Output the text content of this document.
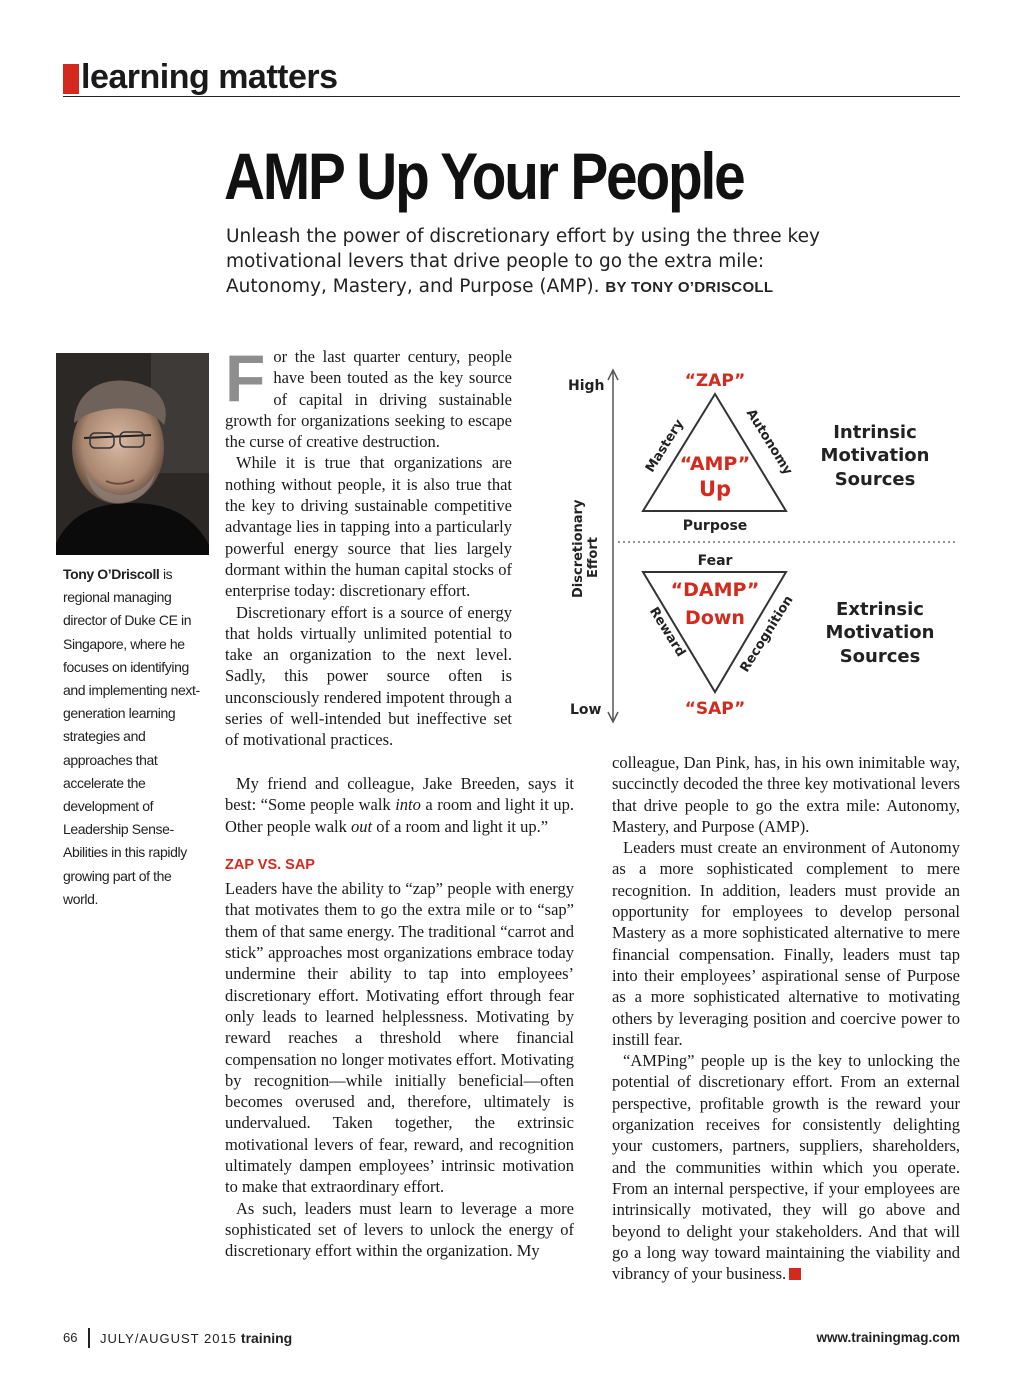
learning matters
AMP Up Your People
Unleash the power of discretionary effort by using the three key motivational levers that drive people to go the extra mile: Autonomy, Mastery, and Purpose (AMP). BY TONY O’DRISCOLL
Tony O’Driscoll is regional managing director of Duke CE in Singapore, where he focuses on identifying and implementing next-generation learning strategies and approaches that accelerate the development of Leadership Sense-Abilities in this rapidly growing part of the world.
F or the last quarter century, people have been touted as the key source of capital in driving sustainable growth for organizations seeking to escape the curse of creative destruction.

While it is true that organizations are nothing without people, it is also true that the key to driving sustainable competitive advantage lies in tapping into a particularly powerful energy source that lies largely dormant within the human capital stocks of enterprise today: discretionary effort.

Discretionary effort is a source of energy that holds virtually unlimited potential to take an organization to the next level. Sadly, this power source often is unconsciously rendered impotent through a series of well-intended but ineffective set of motivational practices.

My friend and colleague, Jake Breeden, says it best: “Some people walk into a room and light it up. Other people walk out of a room and light it up.”

ZAP VS. SAP

Leaders have the ability to “zap” people with energy that motivates them to go the extra mile or to “sap” them of that same energy. The traditional “carrot and stick” approaches most organizations embrace today undermine their ability to tap into employees’ discretionary effort. Motivating effort through fear only leads to learned helplessness. Motivating by reward reaches a threshold where financial compensation no longer motivates effort. Motivating by recognition—while initially beneficial—often becomes overused and, therefore, ultimately is undervalued. Taken together, the extrinsic motivational levers of fear, reward, and recognition ultimately dampen employees’ intrinsic motivation to make that extraordinary effort.

As such, leaders must learn to leverage a more sophisticated set of levers to unlock the energy of discretionary effort within the organization. My

colleague, Dan Pink, has, in his own inimitable way, succinctly decoded the three key motivational levers that drive people to go the extra mile: Autonomy, Mastery, and Purpose (AMP).

Leaders must create an environment of Autonomy as a more sophisticated complement to mere recognition. In addition, leaders must provide an opportunity for employees to develop personal Mastery as a more sophisticated alternative to mere financial compensation. Finally, leaders must tap into their employees’ aspirational sense of Purpose as a more sophisticated alternative to motivating others by leveraging position and coercive power to instill fear.

“AMPing” people up is the key to unlocking the potential of discretionary effort. From an external perspective, profitable growth is the reward your organization receives for consistently delighting your customers, partners, suppliers, shareholders, and the communities within which you operate. From an internal perspective, if your employees are intrinsically motivated, they will go above and beyond to delight your stakeholders. And that will go a long way toward maintaining the viability and vibrancy of your business.

High
Low
Discretionary Effort
“ZAP”
“AMP”
Up
Mastery	Autonomy
Purpose
Fear
“DAMP”
Down
Reward	Recognition
“SAP”
Intrinsic
Motivation
Sources
Extrinsic
Motivation
Sources
66 JULY/AUGUST 2015 training	www.trainingmag.com
